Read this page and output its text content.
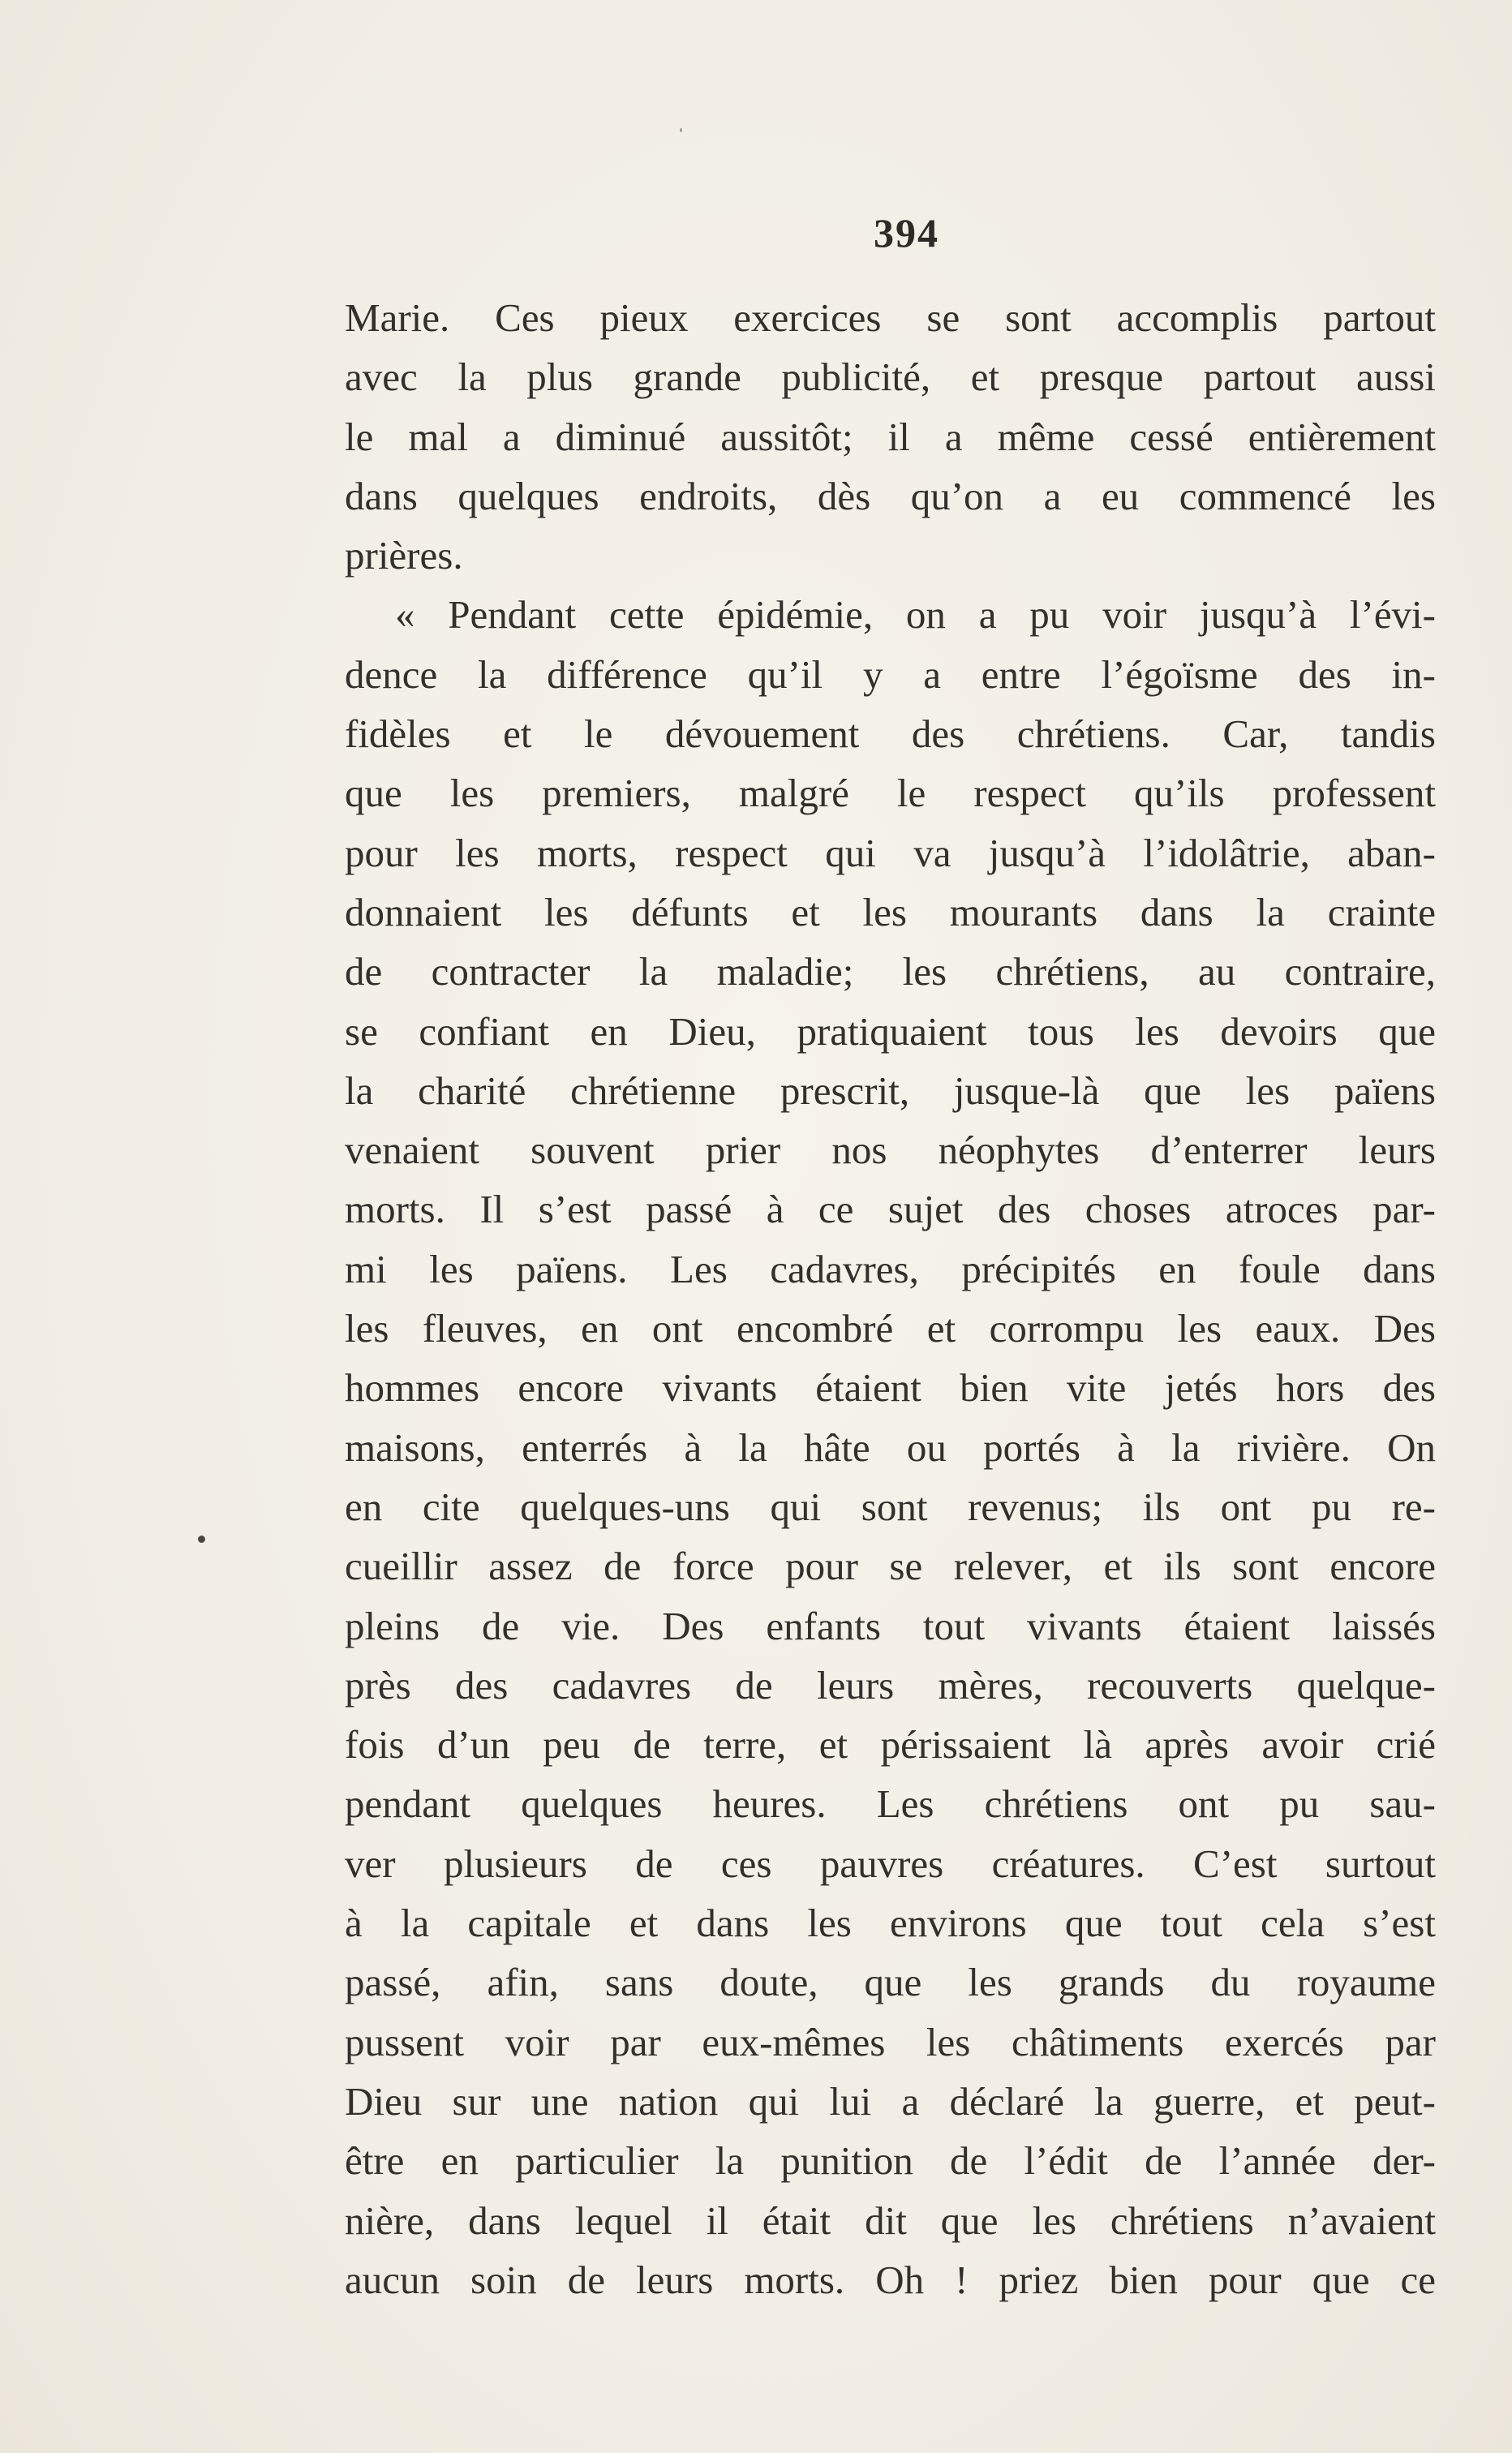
394
Marie. Ces pieux exercices se sont accomplis partout
avec la plus grande publicité, et presque partout aussi
le mal a diminué aussitôt; il a même cessé entièrement
dans quelques endroits, dès qu’on a eu commencé les
prières.
« Pendant cette épidémie, on a pu voir jusqu’à l’évi-
dence la différence qu’il y a entre l’égoïsme des in-
fidèles et le dévouement des chrétiens. Car, tandis
que les premiers, malgré le respect qu’ils professent
pour les morts, respect qui va jusqu’à l’idolâtrie, aban-
donnaient les défunts et les mourants dans la crainte
de contracter la maladie; les chrétiens, au contraire,
se confiant en Dieu, pratiquaient tous les devoirs que
la charité chrétienne prescrit, jusque-là que les païens
venaient souvent prier nos néophytes d’enterrer leurs
morts. Il s’est passé à ce sujet des choses atroces par-
mi les païens. Les cadavres, précipités en foule dans
les fleuves, en ont encombré et corrompu les eaux. Des
hommes encore vivants étaient bien vite jetés hors des
maisons, enterrés à la hâte ou portés à la rivière. On
en cite quelques-uns qui sont revenus; ils ont pu re-
cueillir assez de force pour se relever, et ils sont encore
pleins de vie. Des enfants tout vivants étaient laissés
près des cadavres de leurs mères, recouverts quelque-
fois d’un peu de terre, et périssaient là après avoir crié
pendant quelques heures. Les chrétiens ont pu sau-
ver plusieurs de ces pauvres créatures. C’est surtout
à la capitale et dans les environs que tout cela s’est
passé, afin, sans doute, que les grands du royaume
pussent voir par eux-mêmes les châtiments exercés par
Dieu sur une nation qui lui a déclaré la guerre, et peut-
être en particulier la punition de l’édit de l’année der-
nière, dans lequel il était dit que les chrétiens n’avaient
aucun soin de leurs morts. Oh ! priez bien pour que ce
